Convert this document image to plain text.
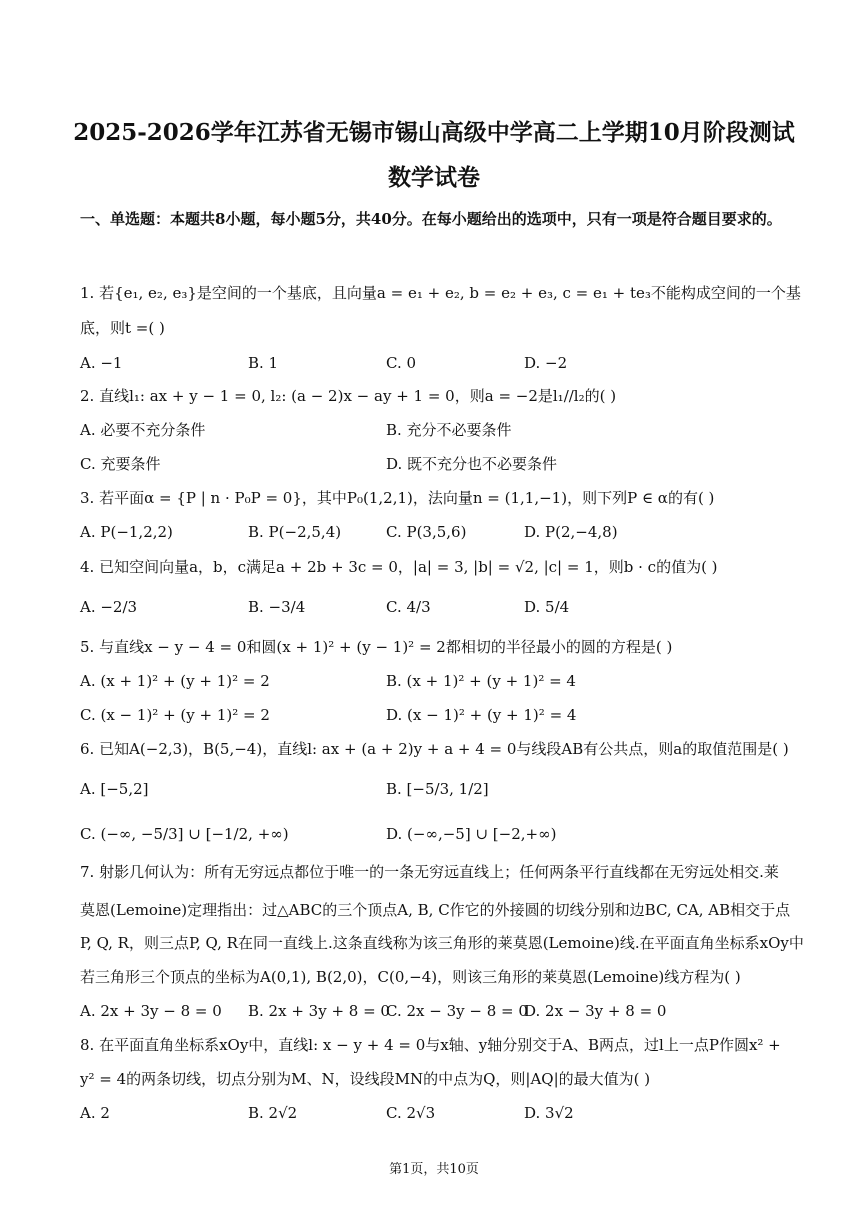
2025-2026学年江苏省无锡市锡山高级中学高二上学期10月阶段测试
数学试卷
一、单选题：本题共8小题，每小题5分，共40分。在每小题给出的选项中，只有一项是符合题目要求的。
1. 若{e₁, e₂, e₃}是空间的一个基底，且向量a = e₁ + e₂, b = e₂ + e₃, c = e₁ + te₃不能构成空间的一个基
底，则t =( )
A. −1	B. 1	C. 0	D. −2
2. 直线l₁: ax + y − 1 = 0, l₂: (a − 2)x − ay + 1 = 0，则a = −2是l₁//l₂的( )
A. 必要不充分条件	B. 充分不必要条件
C. 充要条件	D. 既不充分也不必要条件
3. 若平面α = {P | n · P₀P = 0}，其中P₀(1,2,1)，法向量n = (1,1,−1)，则下列P ∈ α的有( )
A. P(−1,2,2)	B. P(−2,5,4)	C. P(3,5,6)	D. P(2,−4,8)
4. 已知空间向量a，b，c满足a + 2b + 3c = 0，|a| = 3, |b| = √2, |c| = 1，则b · c的值为( )
A. −2/3	B. −3/4	C. 4/3	D. 5/4
5. 与直线x − y − 4 = 0和圆(x + 1)² + (y − 1)² = 2都相切的半径最小的圆的方程是( )
A. (x + 1)² + (y + 1)² = 2	B. (x + 1)² + (y + 1)² = 4
C. (x − 1)² + (y + 1)² = 2	D. (x − 1)² + (y + 1)² = 4
6. 已知A(−2,3)，B(5,−4)，直线l: ax + (a + 2)y + a + 4 = 0与线段AB有公共点，则a的取值范围是( )
A. [−5,2]	B. [−5/3, 1/2]
C. (−∞, −5/3] ∪ [−1/2, +∞)	D. (−∞,−5] ∪ [−2,+∞)
7. 射影几何认为：所有无穷远点都位于唯一的一条无穷远直线上；任何两条平行直线都在无穷远处相交.莱
莫恩(Lemoine)定理指出：过△ABC的三个顶点A, B, C作它的外接圆的切线分别和边BC, CA, AB相交于点
P, Q, R，则三点P, Q, R在同一直线上.这条直线称为该三角形的莱莫恩(Lemoine)线.在平面直角坐标系xOy中
若三角形三个顶点的坐标为A(0,1), B(2,0)，C(0,−4)，则该三角形的莱莫恩(Lemoine)线方程为( )
A. 2x + 3y − 8 = 0 B. 2x + 3y + 8 = 0
C. 2x − 3y − 8 = 0
D. 2x − 3y + 8 = 0
8. 在平面直角坐标系xOy中，直线l: x − y + 4 = 0与x轴、y轴分别交于A、B两点，过l上一点P作圆x² +
y² = 4的两条切线，切点分别为M、N，设线段MN的中点为Q，则|AQ|的最大值为( )
A. 2	B. 2√2	C. 2√3	D. 3√2
第1页，共10页
